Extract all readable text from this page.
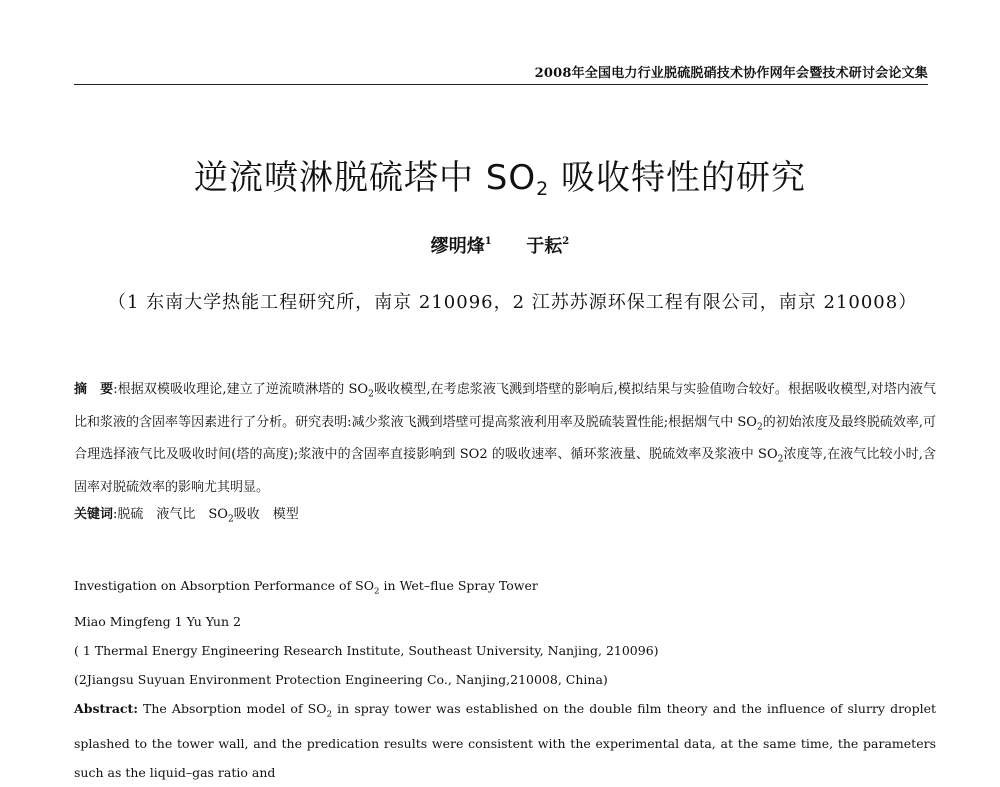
2008年全国电力行业脱硫脱硝技术协作网年会暨技术研讨会论文集
逆流喷淋脱硫塔中 $SO_2$ 吸收特性的研究
缪明烽$^1$ 于耘$^2$
（1 东南大学热能工程研究所，南京 210096，2 江苏苏源环保工程有限公司，南京 210008）

摘　要:根据双模吸收理论,建立了逆流喷淋塔的 $SO_2$吸收模型,在考虑浆液飞溅到塔壁的影响后,模拟结果与实验值吻合较好。根据吸收模型,对塔内液气比和浆液的含固率等因素进行了分析。研究表明:减少浆液飞溅到塔壁可提高浆液利用率及脱硫装置性能;根据烟气中 $SO_2$的初始浓度及最终脱硫效率,可合理选择液气比及吸收时间(塔的高度);浆液中的含固率直接影响到 SO2 的吸收速率、循环浆液量、脱硫效率及浆液中 $SO_2$浓度等,在液气比较小时,含固率对脱硫效率的影响尤其明显。

关键词:脱硫　液气比　$SO_2$吸收　模型

Investigation on Absorption Performance of $SO_2$ in Wet–flue Spray Tower

Miao Mingfeng 1 Yu Yun 2

( 1 Thermal Energy Engineering Research Institute, Southeast University, Nanjing, 210096)

(2Jiangsu Suyuan Environment Protection Engineering Co., Nanjing,210008, China)

Abstract: The Absorption model of $SO_2$ in spray tower was established on the double film theory and the influence of slurry droplet splashed to the tower wall, and the predication results were consistent with the experimental data, at the same time, the parameters such as the liquid–gas ratio and
